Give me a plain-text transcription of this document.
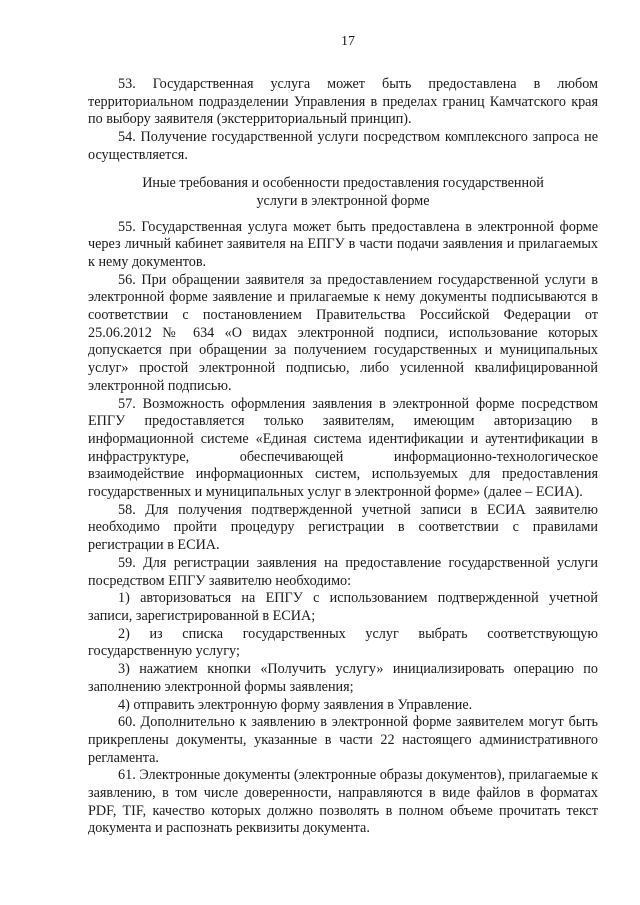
17

53. Государственная услуга может быть предоставлена в любом территориальном подразделении Управления в пределах границ Камчатского края по выбору заявителя (экстерриториальный принцип).

54. Получение государственной услуги посредством комплексного запроса не осуществляется.

Иные требования и особенности предоставления государственной
услуги в электронной форме

55. Государственная услуга может быть предоставлена в электронной форме через личный кабинет заявителя на ЕПГУ в части подачи заявления и прилагаемых к нему документов.

56. При обращении заявителя за предоставлением государственной услуги в электронной форме заявление и прилагаемые к нему документы подписываются в соответствии с постановлением Правительства Российской Федерации от 25.06.2012 № 634 «О видах электронной подписи, использование которых допускается при обращении за получением государственных и муниципальных услуг» простой электронной подписью, либо усиленной квалифицированной электронной подписью.

57. Возможность оформления заявления в электронной форме посредством ЕПГУ предоставляется только заявителям, имеющим авторизацию в информационной системе «Единая система идентификации и аутентификации в инфраструктуре, обеспечивающей информационно-технологическое взаимодействие информационных систем, используемых для предоставления государственных и муниципальных услуг в электронной форме» (далее – ЕСИА).

58. Для получения подтвержденной учетной записи в ЕСИА заявителю необходимо пройти процедуру регистрации в соответствии с правилами регистрации в ЕСИА.

59. Для регистрации заявления на предоставление государственной услуги посредством ЕПГУ заявителю необходимо:

1) авторизоваться на ЕПГУ с использованием подтвержденной учетной записи, зарегистрированной в ЕСИА;

2) из списка государственных услуг выбрать соответствующую государственную услугу;

3) нажатием кнопки «Получить услугу» инициализировать операцию по заполнению электронной формы заявления;

4) отправить электронную форму заявления в Управление.

60. Дополнительно к заявлению в электронной форме заявителем могут быть прикреплены документы, указанные в части 22 настоящего административного регламента.

61. Электронные документы (электронные образы документов), прилагаемые к заявлению, в том числе доверенности, направляются в виде файлов в форматах PDF, TIF, качество которых должно позволять в полном объеме прочитать текст документа и распознать реквизиты документа.
